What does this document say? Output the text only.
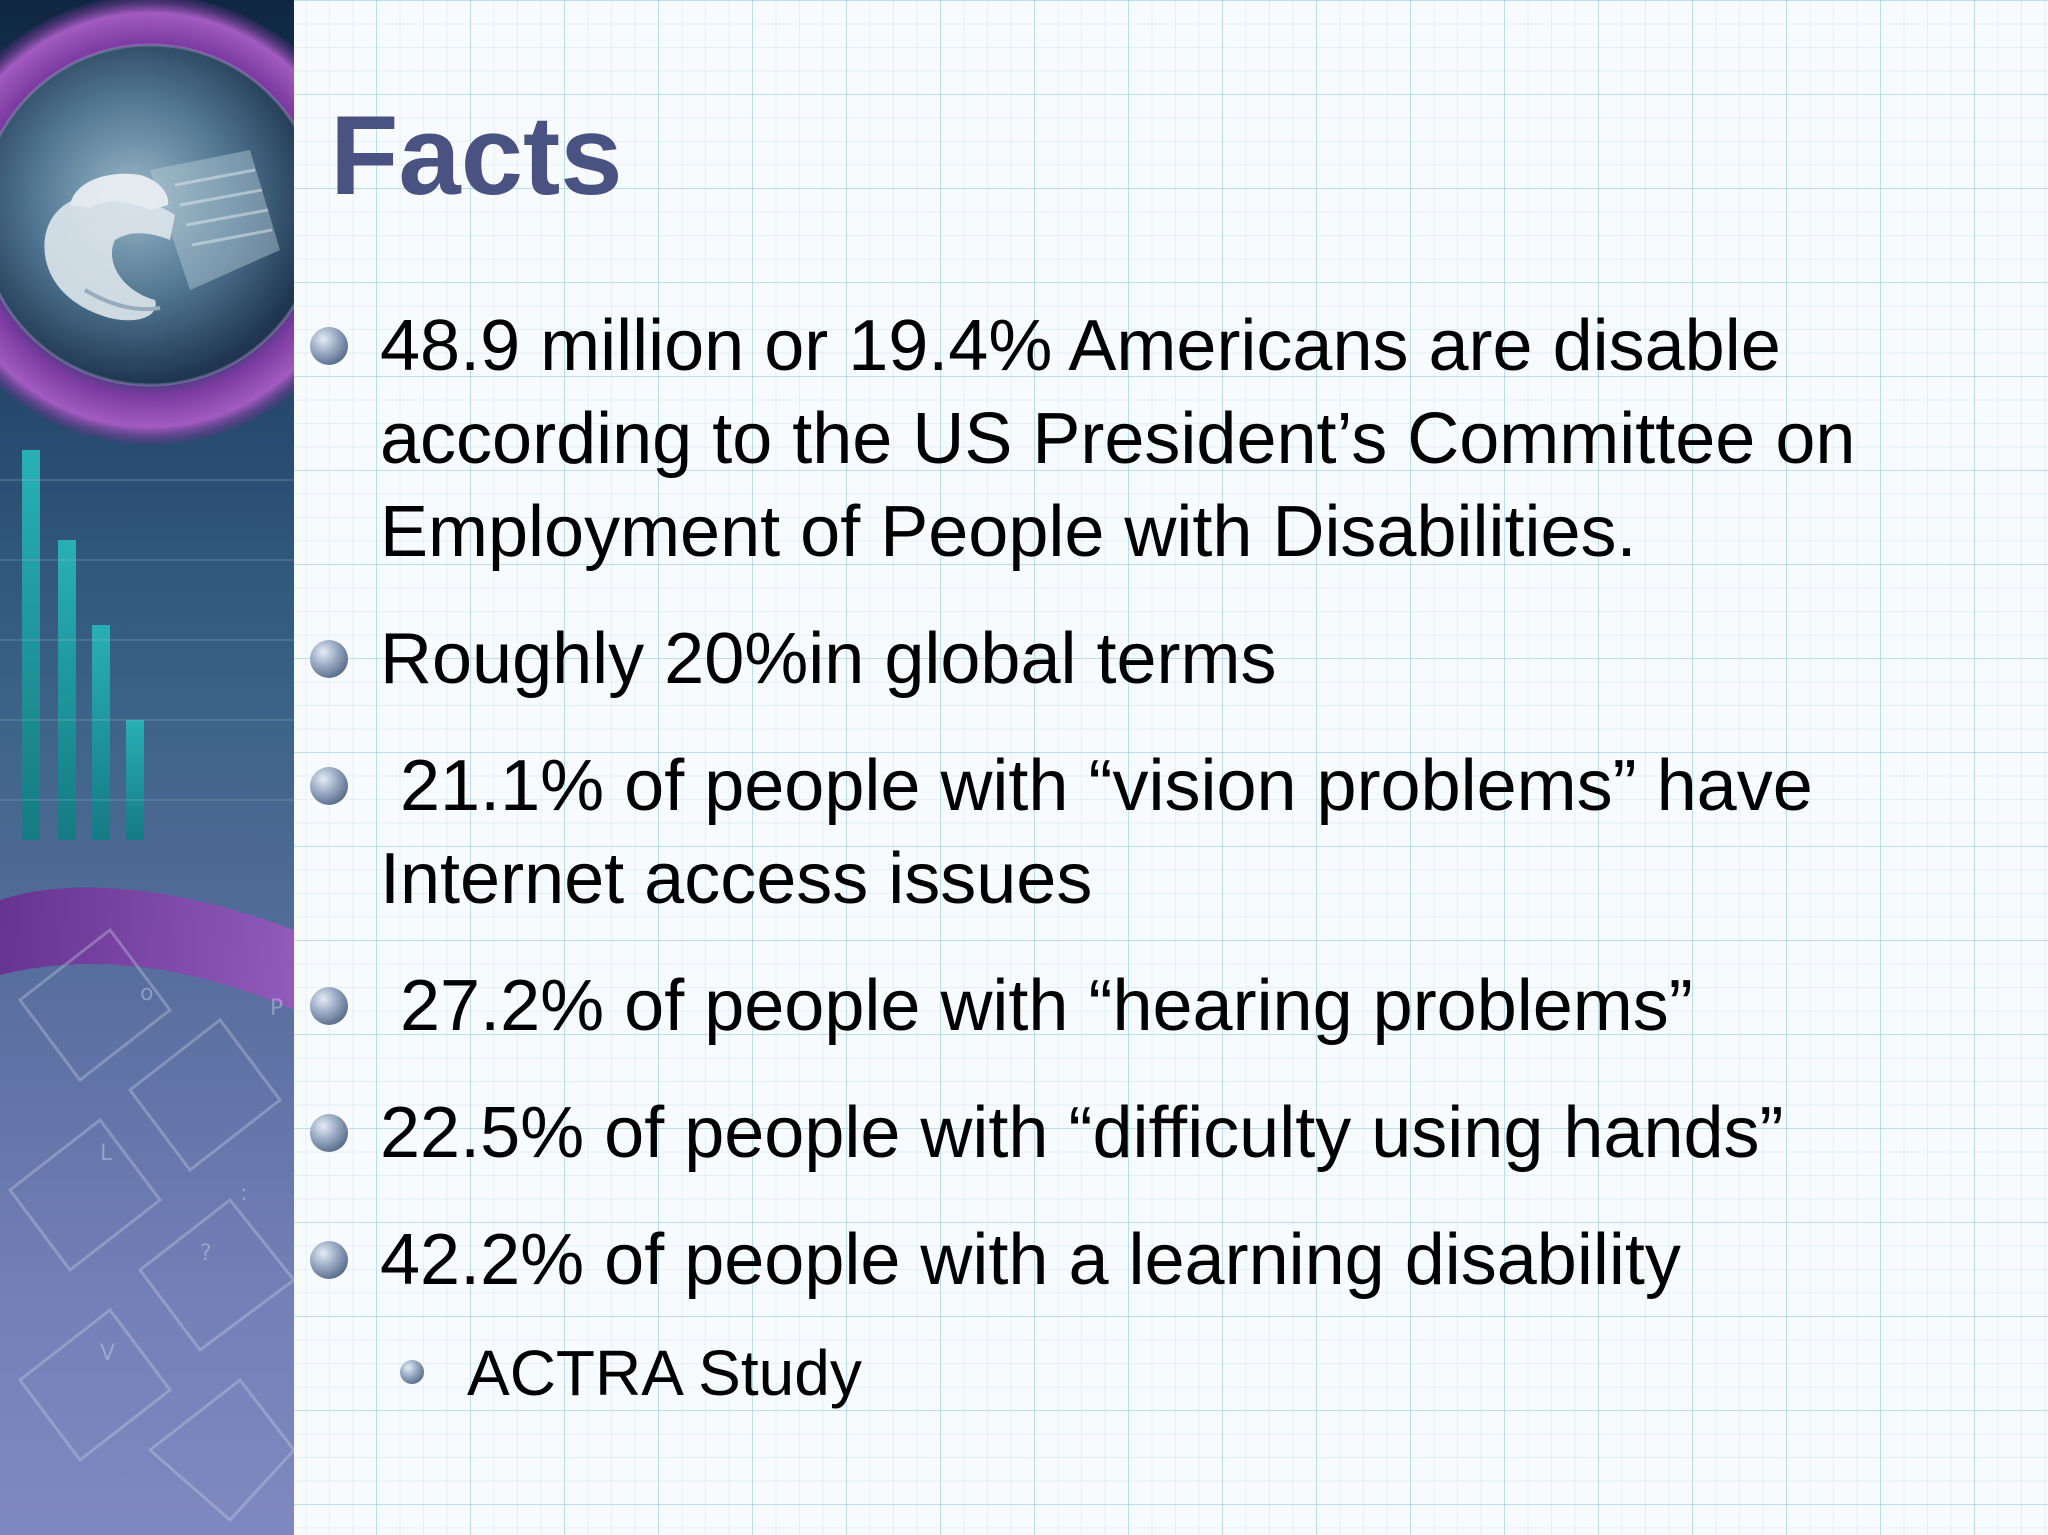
o
P
L
:
V
?
Facts
48.9 million or 19.4% Americans are disable according to the US President’s Committee on Employment of People with Disabilities.
Roughly 20%in global terms
21.1% of people with “vision problems” have Internet access issues
27.2% of people with “hearing problems”
22.5% of people with “difficulty using hands”
42.2% of people with a learning disability
ACTRA Study
